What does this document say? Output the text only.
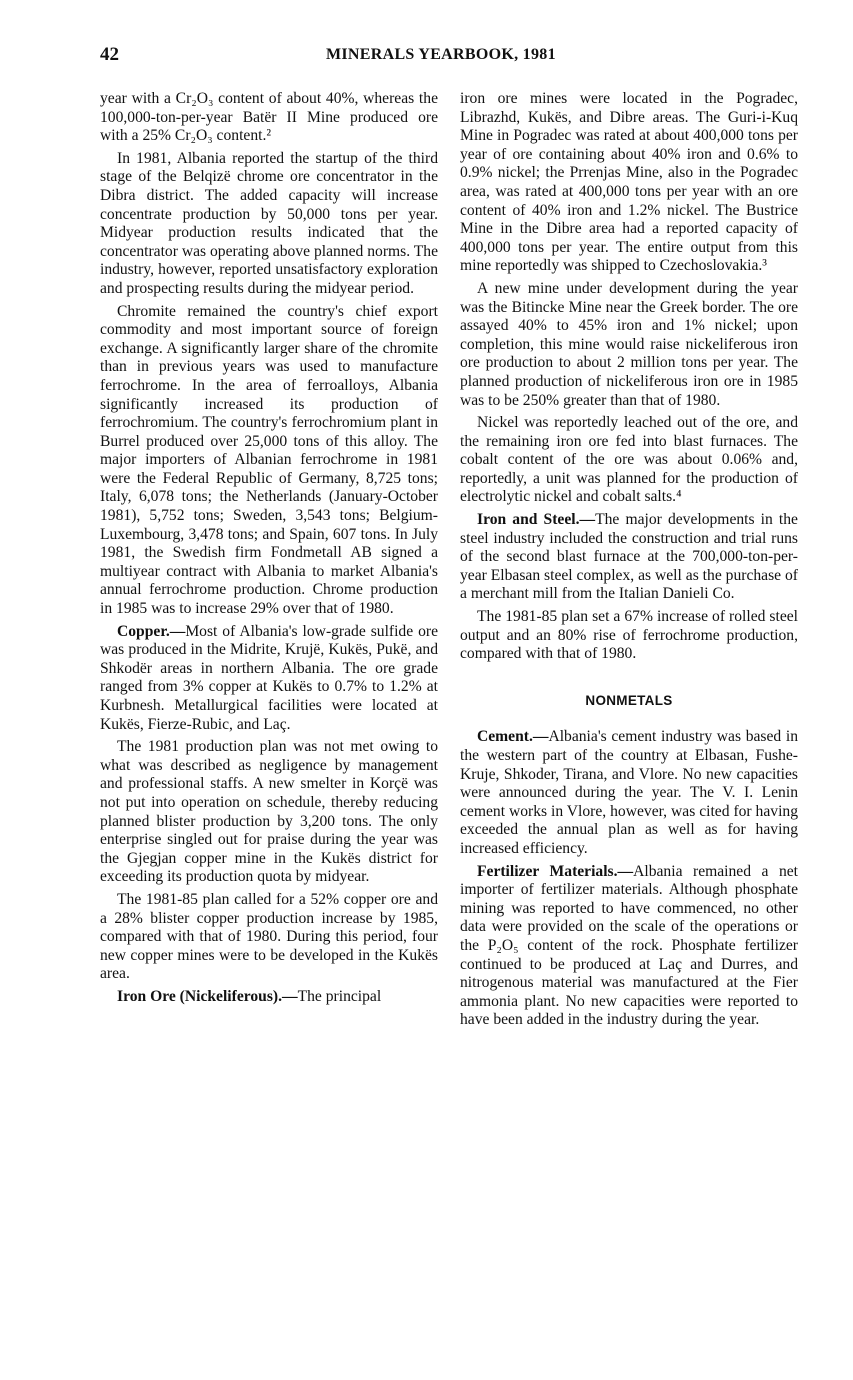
42	MINERALS YEARBOOK, 1981

year with a Cr₂O₃ content of about 40%, whereas the 100,000-ton-per-year Batër II Mine produced ore with a 25% Cr₂O₃ content.²

In 1981, Albania reported the startup of the third stage of the Belqizë chrome ore concentrator in the Dibra district. The added capacity will increase concentrate production by 50,000 tons per year. Midyear production results indicated that the concentrator was operating above planned norms. The industry, however, reported unsatisfactory exploration and prospecting results during the midyear period.

Chromite remained the country's chief export commodity and most important source of foreign exchange. A significantly larger share of the chromite than in previous years was used to manufacture ferrochrome. In the area of ferroalloys, Albania significantly increased its production of ferrochromium. The country's ferrochromium plant in Burrel produced over 25,000 tons of this alloy. The major importers of Albanian ferrochrome in 1981 were the Federal Republic of Germany, 8,725 tons; Italy, 6,078 tons; the Netherlands (January-October 1981), 5,752 tons; Sweden, 3,543 tons; Belgium-Luxembourg, 3,478 tons; and Spain, 607 tons. In July 1981, the Swedish firm Fondmetall AB signed a multiyear contract with Albania to market Albania's annual ferrochrome production. Chrome production in 1985 was to increase 29% over that of 1980.

Copper.—Most of Albania's low-grade sulfide ore was produced in the Midrite, Krujë, Kukës, Pukë, and Shkodër areas in northern Albania. The ore grade ranged from 3% copper at Kukës to 0.7% to 1.2% at Kurbnesh. Metallurgical facilities were located at Kukës, Fierze-Rubic, and Laç.

The 1981 production plan was not met owing to what was described as negligence by management and professional staffs. A new smelter in Korçë was not put into operation on schedule, thereby reducing planned blister production by 3,200 tons. The only enterprise singled out for praise during the year was the Gjegjan copper mine in the Kukës district for exceeding its production quota by midyear.

The 1981-85 plan called for a 52% copper ore and a 28% blister copper production increase by 1985, compared with that of 1980. During this period, four new copper mines were to be developed in the Kukës area.

Iron Ore (Nickeliferous).—The principal

iron ore mines were located in the Pogradec, Librazhd, Kukës, and Dibre areas. The Guri-i-Kuq Mine in Pogradec was rated at about 400,000 tons per year of ore containing about 40% iron and 0.6% to 0.9% nickel; the Prrenjas Mine, also in the Pogradec area, was rated at 400,000 tons per year with an ore content of 40% iron and 1.2% nickel. The Bustrice Mine in the Dibre area had a reported capacity of 400,000 tons per year. The entire output from this mine reportedly was shipped to Czechoslovakia.³

A new mine under development during the year was the Bitincke Mine near the Greek border. The ore assayed 40% to 45% iron and 1% nickel; upon completion, this mine would raise nickeliferous iron ore production to about 2 million tons per year. The planned production of nickeliferous iron ore in 1985 was to be 250% greater than that of 1980.

Nickel was reportedly leached out of the ore, and the remaining iron ore fed into blast furnaces. The cobalt content of the ore was about 0.06% and, reportedly, a unit was planned for the production of electrolytic nickel and cobalt salts.⁴

Iron and Steel.—The major developments in the steel industry included the construction and trial runs of the second blast furnace at the 700,000-ton-per-year Elbasan steel complex, as well as the purchase of a merchant mill from the Italian Danieli Co.

The 1981-85 plan set a 67% increase of rolled steel output and an 80% rise of ferrochrome production, compared with that of 1980.

NONMETALS

Cement.—Albania's cement industry was based in the western part of the country at Elbasan, Fushe-Kruje, Shkoder, Tirana, and Vlore. No new capacities were announced during the year. The V. I. Lenin cement works in Vlore, however, was cited for having exceeded the annual plan as well as for having increased efficiency.

Fertilizer Materials.—Albania remained a net importer of fertilizer materials. Although phosphate mining was reported to have commenced, no other data were provided on the scale of the operations or the P₂O₅ content of the rock. Phosphate fertilizer continued to be produced at Laç and Durres, and nitrogenous material was manufactured at the Fier ammonia plant. No new capacities were reported to have been added in the industry during the year.
